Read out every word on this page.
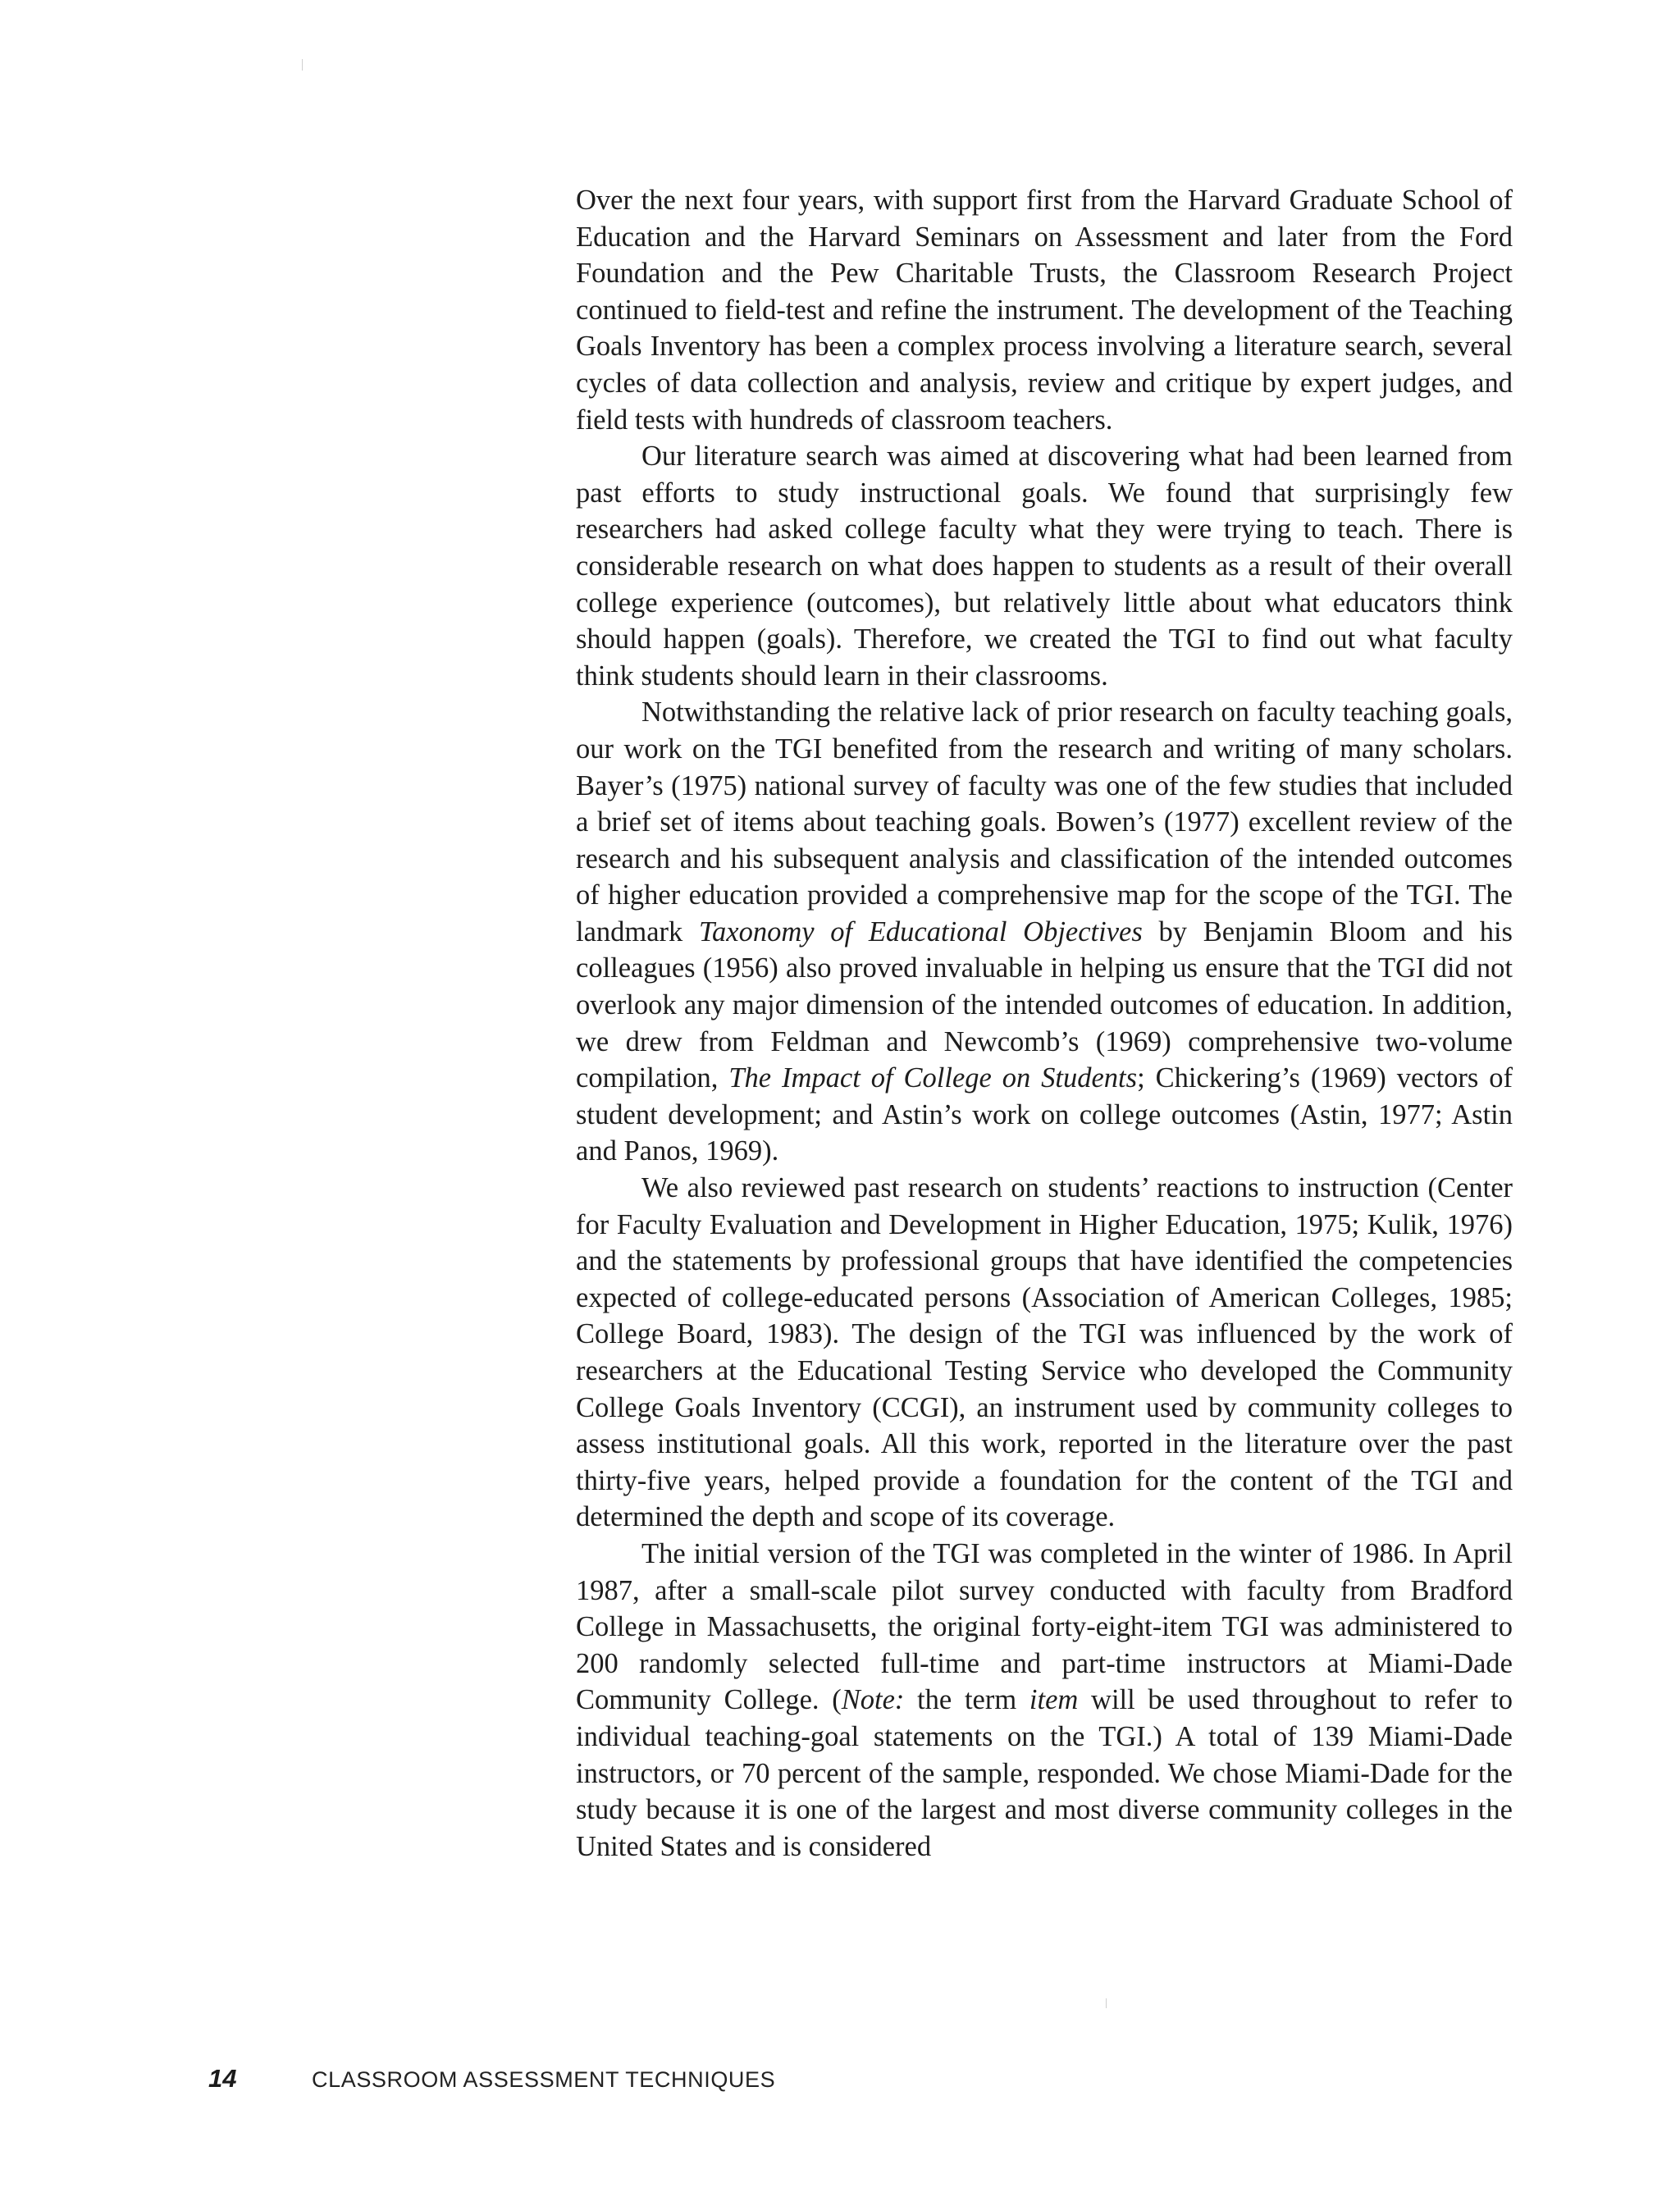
Over the next four years, with support first from the Harvard Graduate School of Education and the Harvard Seminars on Assessment and later from the Ford Foundation and the Pew Charitable Trusts, the Classroom Research Project continued to field-test and refine the instrument. The development of the Teaching Goals Inventory has been a complex process involving a literature search, several cycles of data collection and analysis, review and critique by expert judges, and field tests with hundreds of classroom teachers.

Our literature search was aimed at discovering what had been learned from past efforts to study instructional goals. We found that surprisingly few researchers had asked college faculty what they were trying to teach. There is considerable research on what does happen to students as a result of their overall college experience (outcomes), but relatively little about what educators think should happen (goals). Therefore, we created the TGI to find out what faculty think students should learn in their classrooms.

Notwithstanding the relative lack of prior research on faculty teaching goals, our work on the TGI benefited from the research and writing of many scholars. Bayer’s (1975) national survey of faculty was one of the few studies that included a brief set of items about teaching goals. Bowen’s (1977) excellent review of the research and his subsequent analysis and classification of the intended outcomes of higher education provided a comprehensive map for the scope of the TGI. The landmark Taxonomy of Educational Objectives by Benjamin Bloom and his colleagues (1956) also proved invaluable in helping us ensure that the TGI did not overlook any major dimension of the intended outcomes of education. In addition, we drew from Feldman and Newcomb’s (1969) comprehensive two-volume compilation, The Impact of College on Students; Chickering’s (1969) vectors of student development; and Astin’s work on college outcomes (Astin, 1977; Astin and Panos, 1969).

We also reviewed past research on students’ reactions to instruction (Center for Faculty Evaluation and Development in Higher Education, 1975; Kulik, 1976) and the statements by professional groups that have identified the competencies expected of college-educated persons (Association of American Colleges, 1985; College Board, 1983). The design of the TGI was influenced by the work of researchers at the Educational Testing Service who developed the Community College Goals Inventory (CCGI), an instrument used by community colleges to assess institutional goals. All this work, reported in the literature over the past thirty-five years, helped provide a foundation for the content of the TGI and determined the depth and scope of its coverage.

The initial version of the TGI was completed in the winter of 1986. In April 1987, after a small-scale pilot survey conducted with faculty from Bradford College in Massachusetts, the original forty-eight-item TGI was administered to 200 randomly selected full-time and part-time instructors at Miami-Dade Community College. (Note: the term item will be used throughout to refer to individual teaching-goal statements on the TGI.) A total of 139 Miami-Dade instructors, or 70 percent of the sample, responded. We chose Miami-Dade for the study because it is one of the largest and most diverse community colleges in the United States and is considered

14	CLASSROOM ASSESSMENT TECHNIQUES
